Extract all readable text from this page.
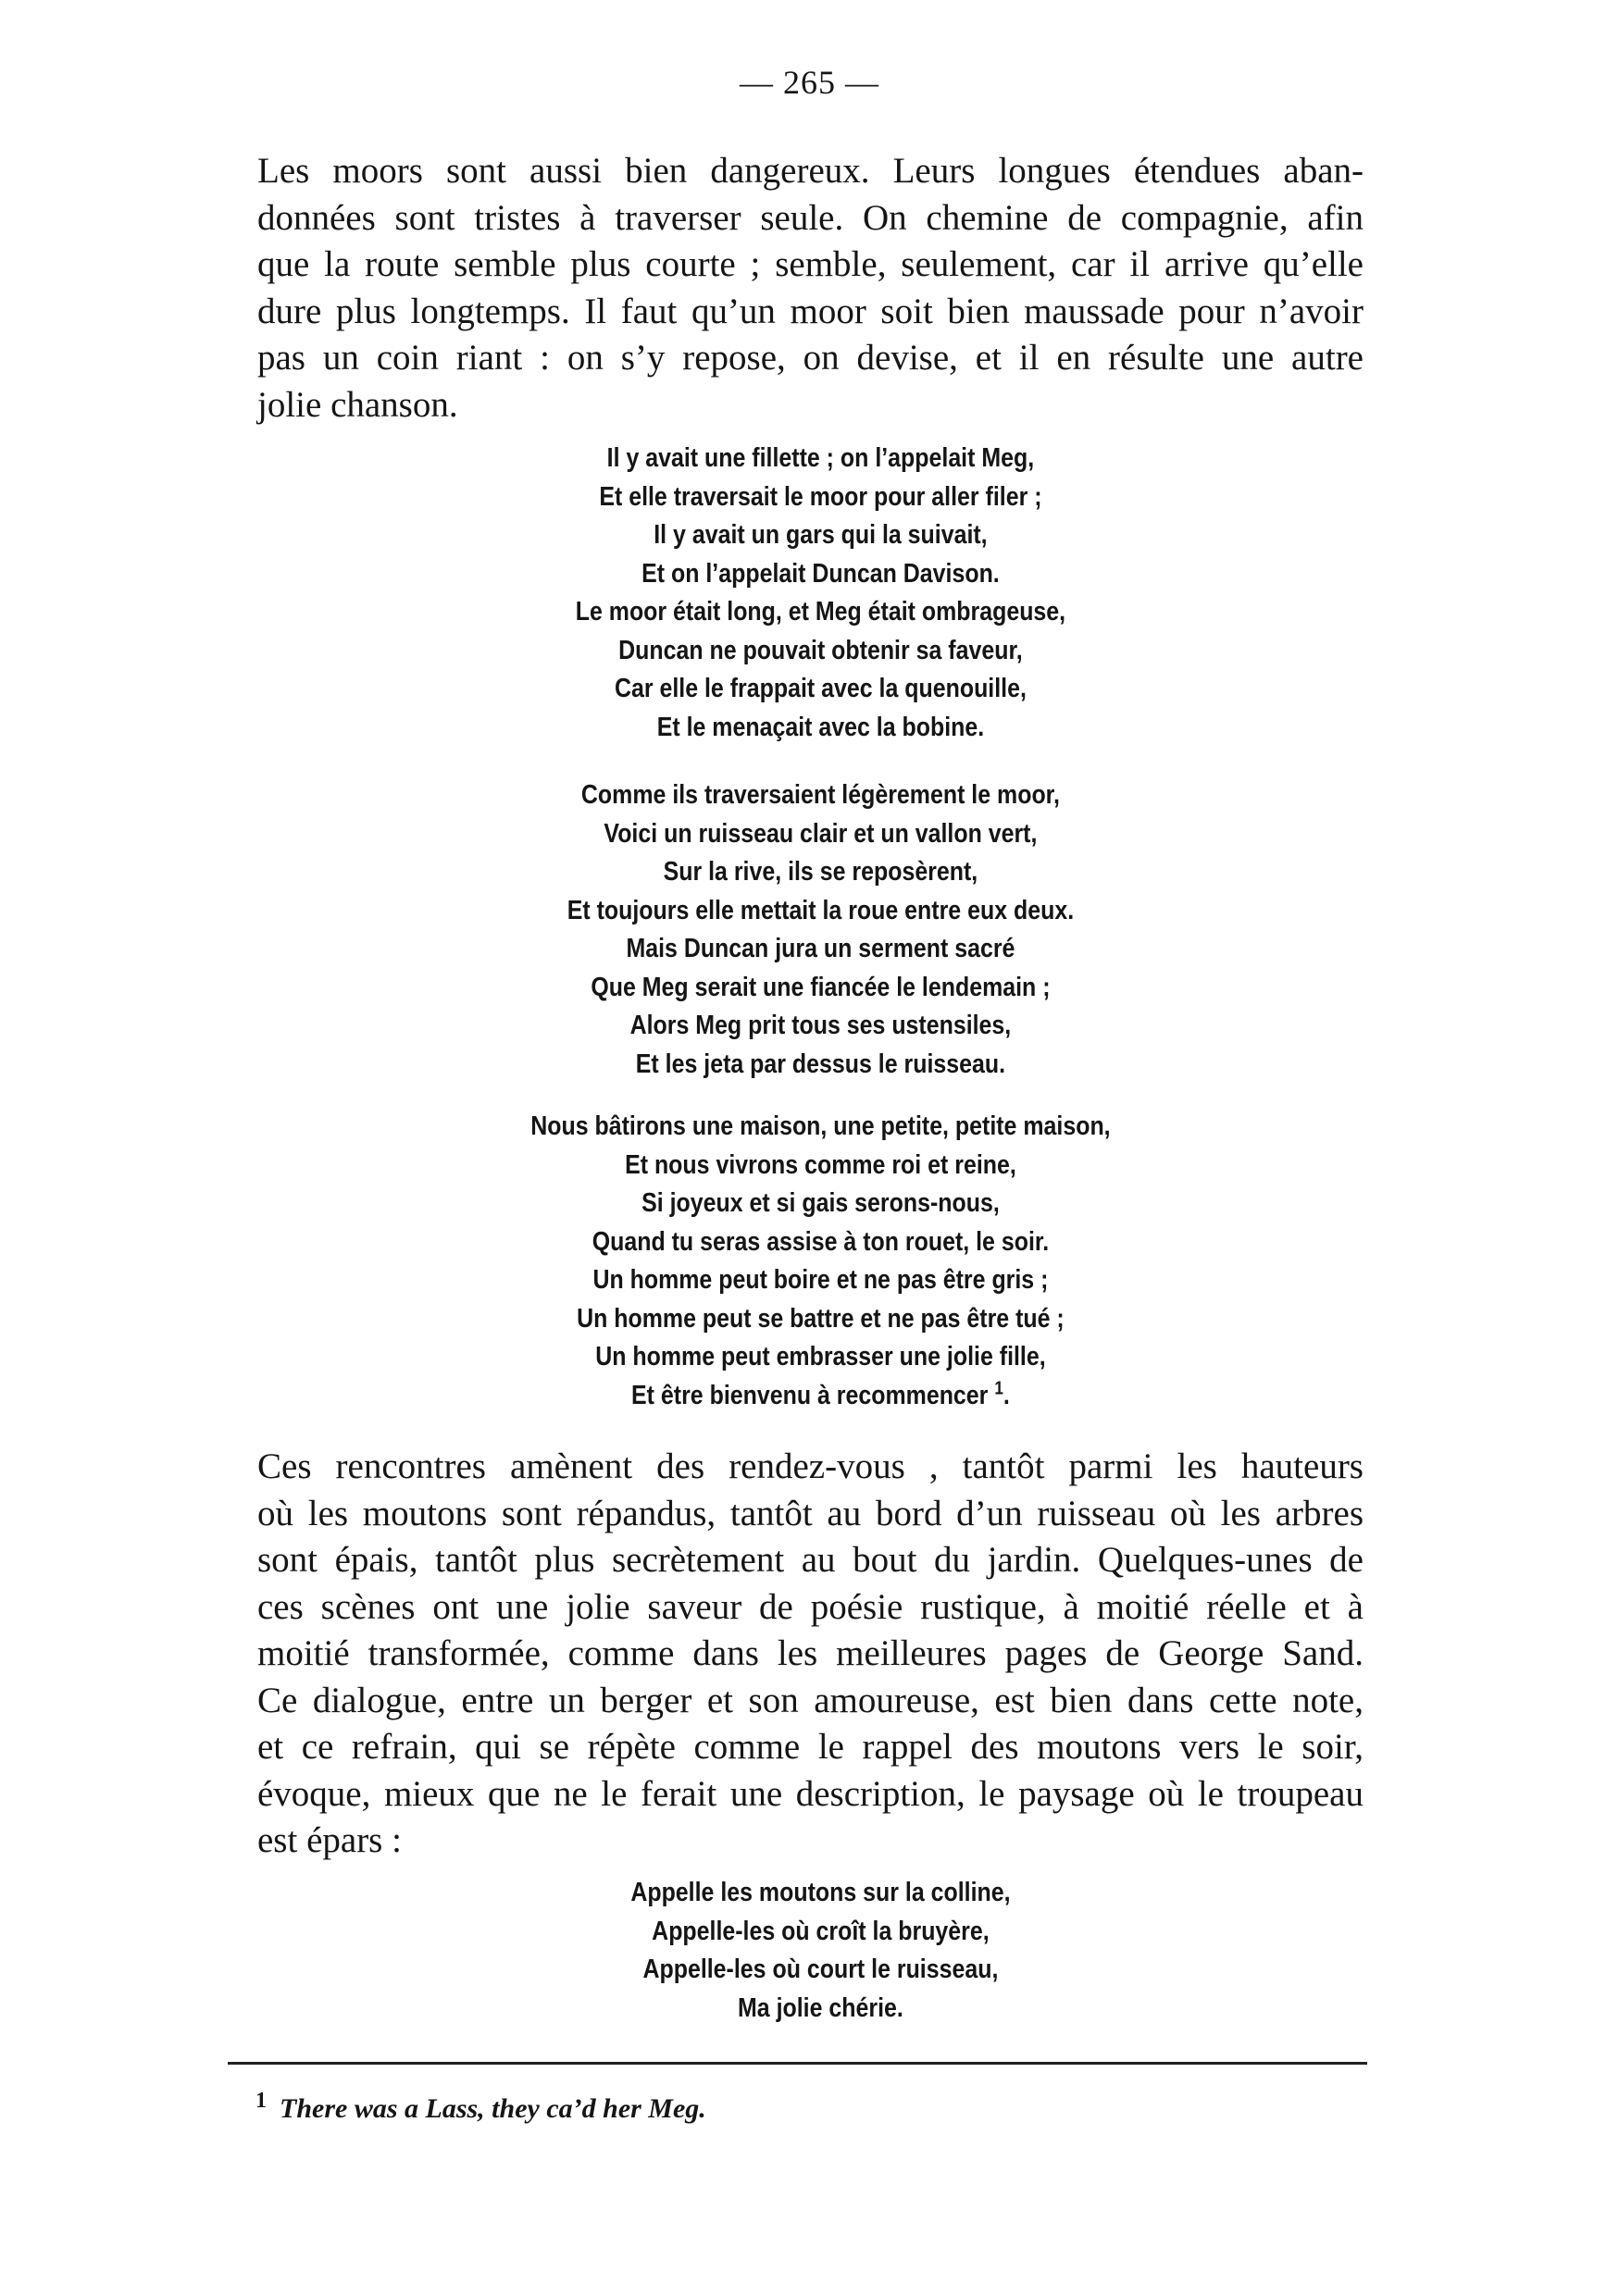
— 265 —

Les moors sont aussi bien dangereux. Leurs longues étendues aban-
données sont tristes à traverser seule. On chemine de compagnie, afin
que la route semble plus courte ; semble, seulement, car il arrive qu’elle
dure plus longtemps. Il faut qu’un moor soit bien maussade pour n’avoir
pas un coin riant : on s’y repose, on devise, et il en résulte une autre
jolie chanson.

Il y avait une fillette ; on l’appelait Meg,
Et elle traversait le moor pour aller filer ;
Il y avait un gars qui la suivait,
Et on l’appelait Duncan Davison.
Le moor était long, et Meg était ombrageuse,
Duncan ne pouvait obtenir sa faveur,
Car elle le frappait avec la quenouille,
Et le menaçait avec la bobine.
Comme ils traversaient légèrement le moor,
Voici un ruisseau clair et un vallon vert,
Sur la rive, ils se reposèrent,
Et toujours elle mettait la roue entre eux deux.
Mais Duncan jura un serment sacré
Que Meg serait une fiancée le lendemain ;
Alors Meg prit tous ses ustensiles,
Et les jeta par dessus le ruisseau.
Nous bâtirons une maison, une petite, petite maison,
Et nous vivrons comme roi et reine,
Si joyeux et si gais serons-nous,
Quand tu seras assise à ton rouet, le soir.
Un homme peut boire et ne pas être gris ;
Un homme peut se battre et ne pas être tué ;
Un homme peut embrasser une jolie fille,
Et être bienvenu à recommencer $^1$.

Ces rencontres amènent des rendez-vous , tantôt parmi les hauteurs
où les moutons sont répandus, tantôt au bord d’un ruisseau où les arbres
sont épais, tantôt plus secrètement au bout du jardin. Quelques-unes de
ces scènes ont une jolie saveur de poésie rustique, à moitié réelle et à
moitié transformée, comme dans les meilleures pages de George Sand.
Ce dialogue, entre un berger et son amoureuse, est bien dans cette note,
et ce refrain, qui se répète comme le rappel des moutons vers le soir,
évoque, mieux que ne le ferait une description, le paysage où le troupeau
est épars :

Appelle les moutons sur la colline,
Appelle-les où croît la bruyère,
Appelle-les où court le ruisseau,
Ma jolie chérie.
$^1$ There was a Lass, they ca’d her Meg.
